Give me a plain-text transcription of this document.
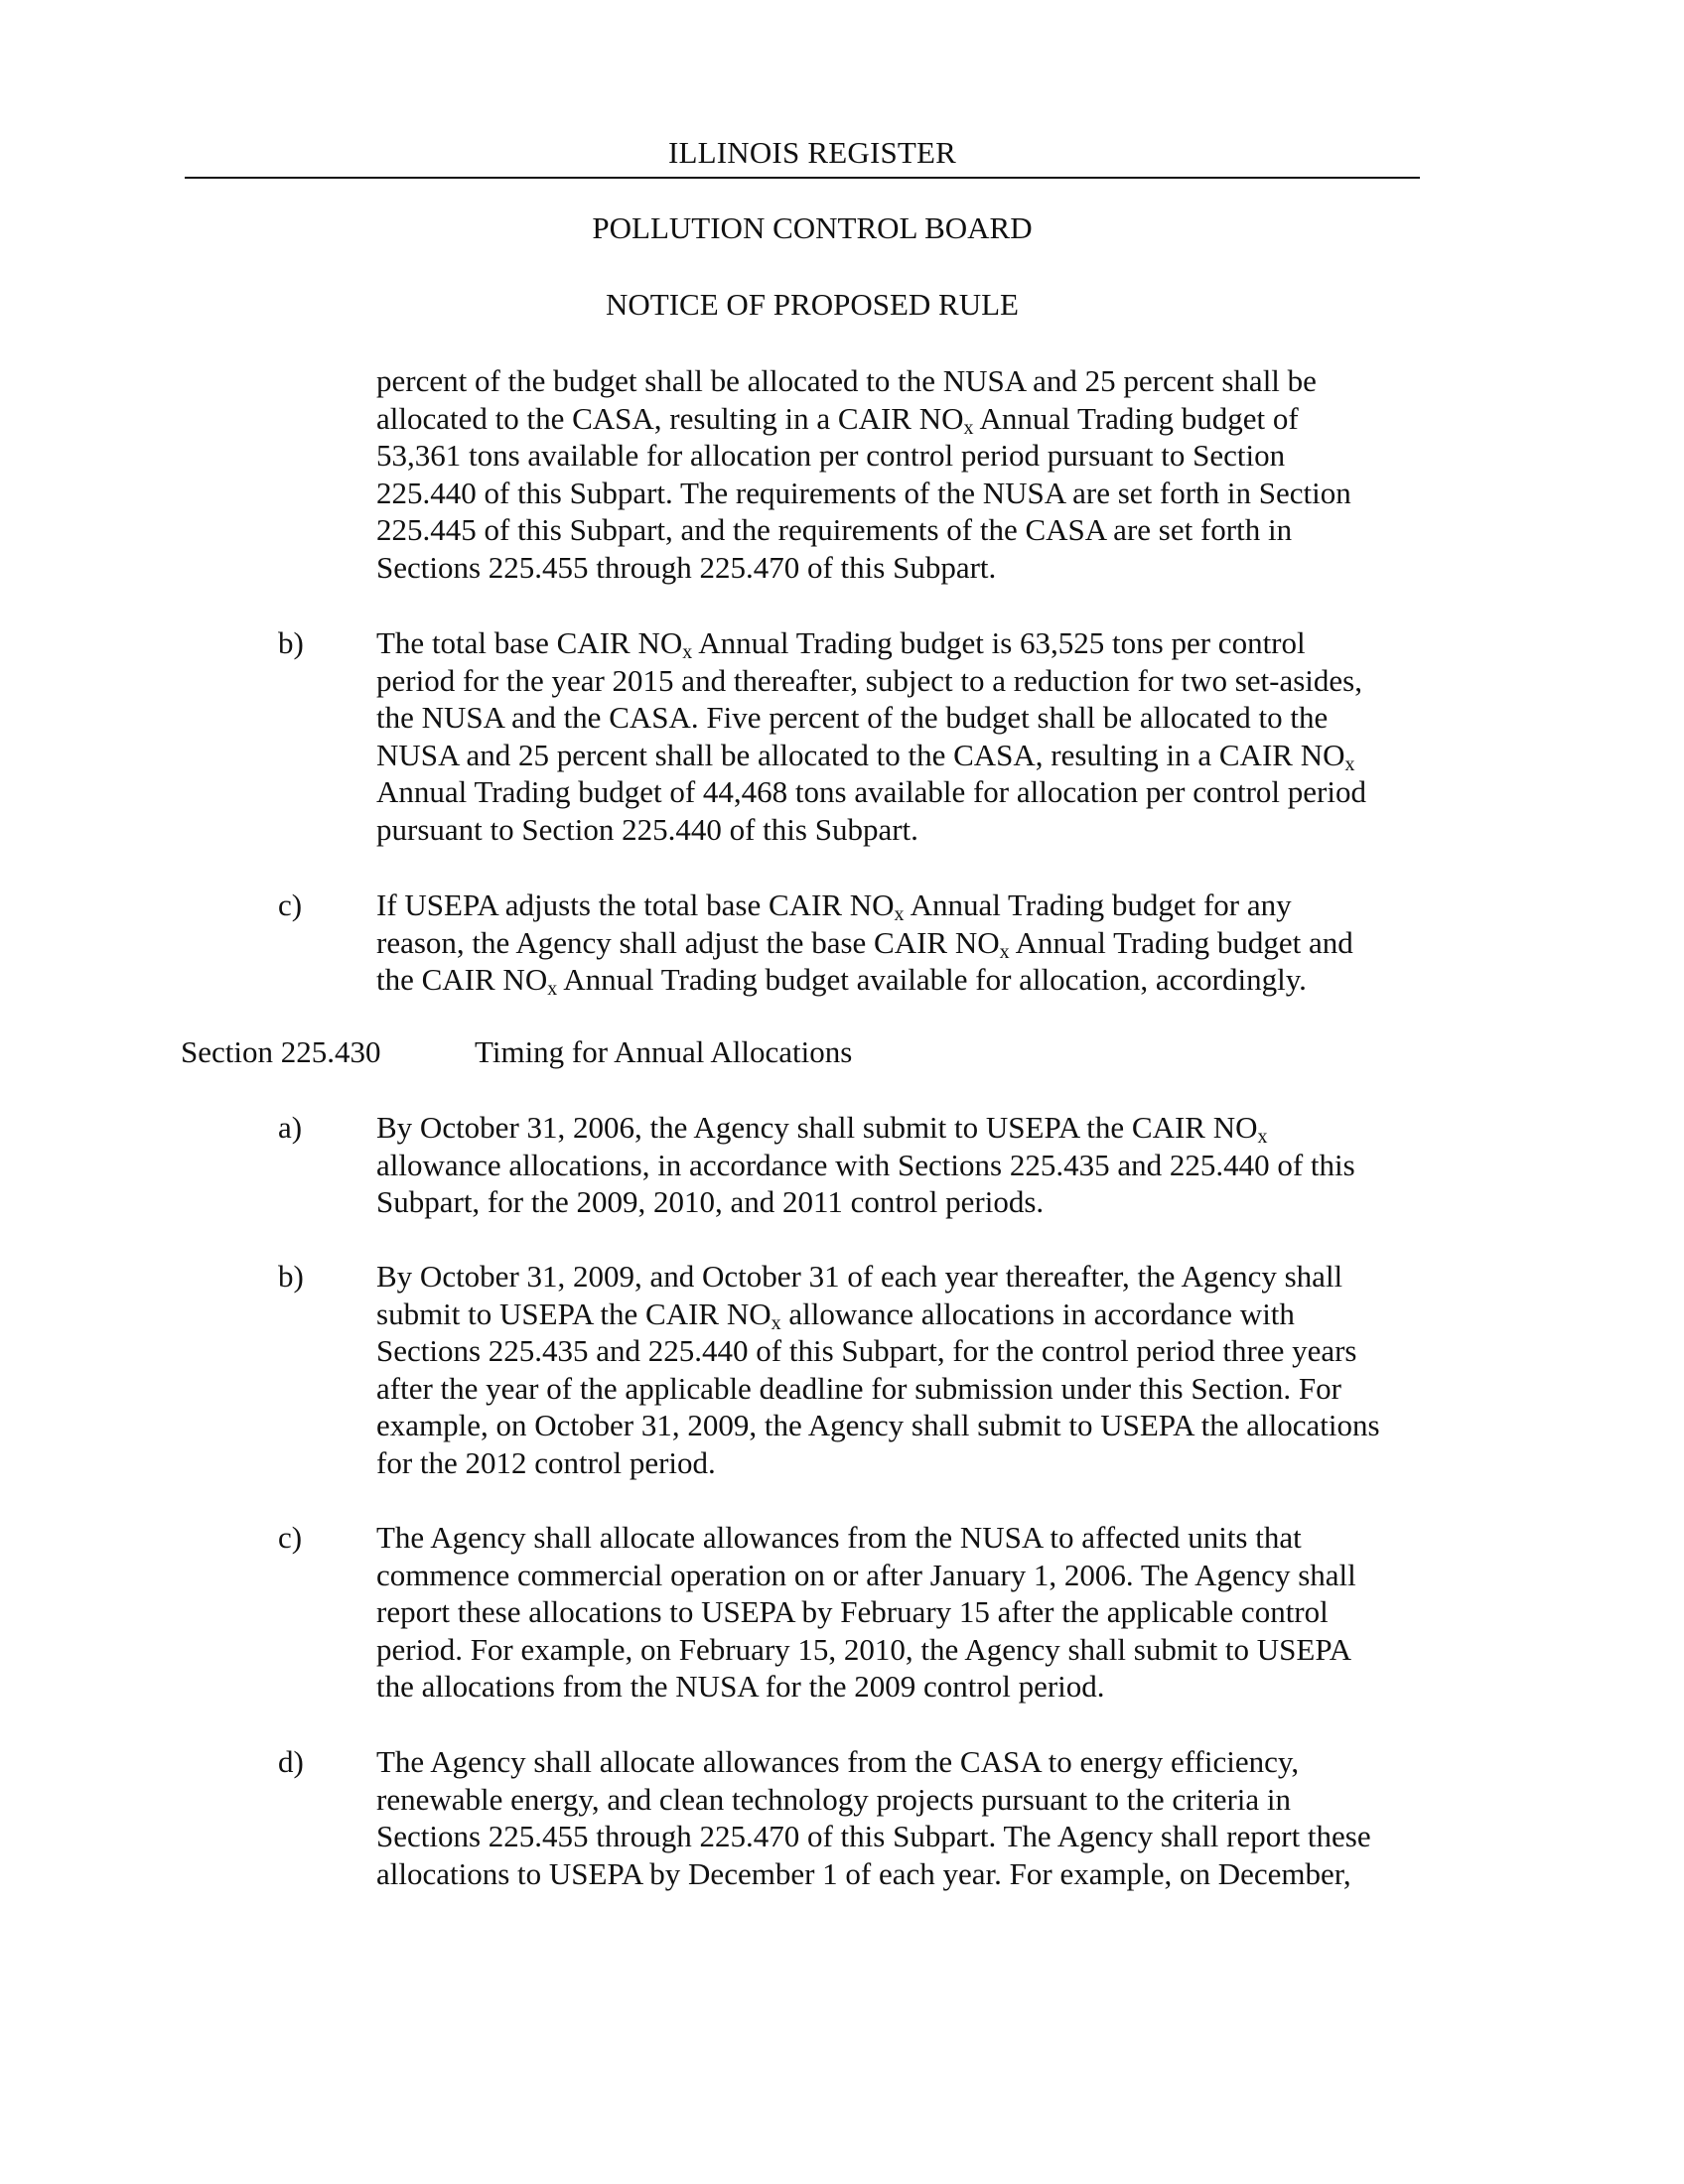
ILLINOIS REGISTER
POLLUTION CONTROL BOARD
NOTICE OF PROPOSED RULE
percent of the budget shall be allocated to the NUSA and 25 percent shall be
allocated to the CASA, resulting in a CAIR $NO_x$ Annual Trading budget of
53,361 tons available for allocation per control period pursuant to Section
225.440 of this Subpart. The requirements of the NUSA are set forth in Section
225.445 of this Subpart, and the requirements of the CASA are set forth in
Sections 225.455 through 225.470 of this Subpart.
b) The total base CAIR $NO_x$ Annual Trading budget is 63,525 tons per control
period for the year 2015 and thereafter, subject to a reduction for two set-asides,
the NUSA and the CASA. Five percent of the budget shall be allocated to the
NUSA and 25 percent shall be allocated to the CASA, resulting in a CAIR $NO_x$
Annual Trading budget of 44,468 tons available for allocation per control period
pursuant to Section 225.440 of this Subpart.
c) If USEPA adjusts the total base CAIR $NO_x$ Annual Trading budget for any
reason, the Agency shall adjust the base CAIR $NO_x$ Annual Trading budget and
the CAIR $NO_x$ Annual Trading budget available for allocation, accordingly.
Section 225.430	Timing for Annual Allocations
a) By October 31, 2006, the Agency shall submit to USEPA the CAIR $NO_x$
allowance allocations, in accordance with Sections 225.435 and 225.440 of this
Subpart, for the 2009, 2010, and 2011 control periods.
b) By October 31, 2009, and October 31 of each year thereafter, the Agency shall
submit to USEPA the CAIR $NO_x$ allowance allocations in accordance with
Sections 225.435 and 225.440 of this Subpart, for the control period three years
after the year of the applicable deadline for submission under this Section. For
example, on October 31, 2009, the Agency shall submit to USEPA the allocations
for the 2012 control period.
c) The Agency shall allocate allowances from the NUSA to affected units that
commence commercial operation on or after January 1, 2006. The Agency shall
report these allocations to USEPA by February 15 after the applicable control
period. For example, on February 15, 2010, the Agency shall submit to USEPA
the allocations from the NUSA for the 2009 control period.
d) The Agency shall allocate allowances from the CASA to energy efficiency,
renewable energy, and clean technology projects pursuant to the criteria in
Sections 225.455 through 225.470 of this Subpart. The Agency shall report these
allocations to USEPA by December 1 of each year. For example, on December,
